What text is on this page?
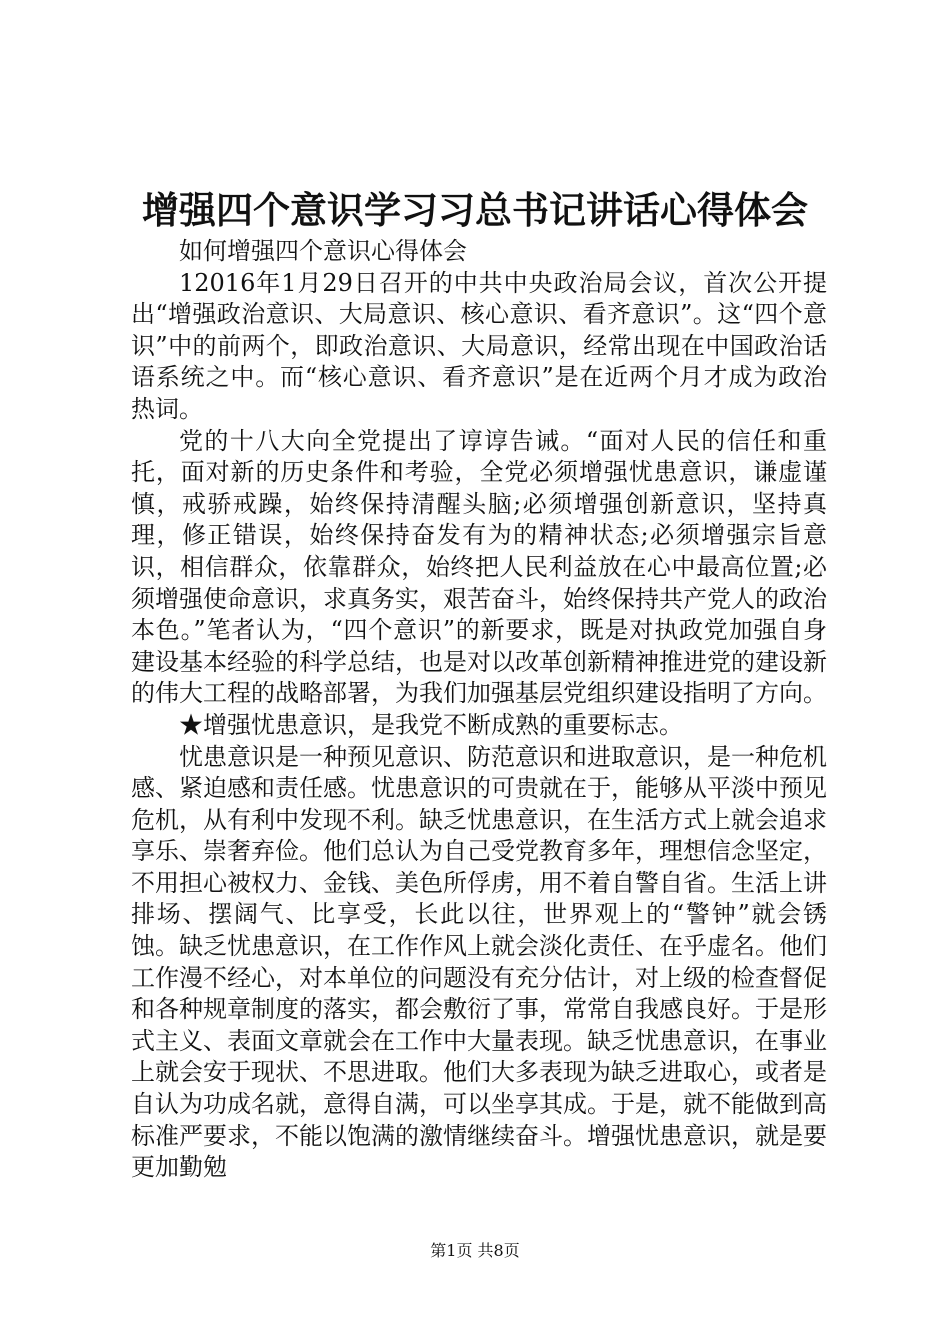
增强四个意识学习习总书记讲话心得体会

如何增强四个意识心得体会

12016年1月29日召开的中共中央政治局会议，首次公开提出“增强政治意识、大局意识、核心意识、看齐意识”。这“四个意识”中的前两个，即政治意识、大局意识，经常出现在中国政治话语系统之中。而“核心意识、看齐意识”是在近两个月才成为政治热词。

党的十八大向全党提出了谆谆告诫。“面对人民的信任和重托，面对新的历史条件和考验，全党必须增强忧患意识，谦虚谨慎，戒骄戒躁，始终保持清醒头脑;必须增强创新意识，坚持真理，修正错误，始终保持奋发有为的精神状态;必须增强宗旨意识，相信群众，依靠群众，始终把人民利益放在心中最高位置;必须增强使命意识，求真务实，艰苦奋斗，始终保持共产党人的政治本色。”笔者认为，“四个意识”的新要求，既是对执政党加强自身建设基本经验的科学总结，也是对以改革创新精神推进党的建设新的伟大工程的战略部署，为我们加强基层党组织建设指明了方向。

★增强忧患意识，是我党不断成熟的重要标志。

忧患意识是一种预见意识、防范意识和进取意识，是一种危机感、紧迫感和责任感。忧患意识的可贵就在于，能够从平淡中预见危机，从有利中发现不利。缺乏忧患意识，在生活方式上就会追求享乐、崇奢弃俭。他们总认为自己受党教育多年，理想信念坚定，不用担心被权力、金钱、美色所俘虏，用不着自警自省。生活上讲排场、摆阔气、比享受，长此以往，世界观上的“警钟”就会锈蚀。缺乏忧患意识，在工作作风上就会淡化责任、在乎虚名。他们工作漫不经心，对本单位的问题没有充分估计，对上级的检查督促和各种规章制度的落实，都会敷衍了事，常常自我感良好。于是形式主义、表面文章就会在工作中大量表现。缺乏忧患意识，在事业上就会安于现状、不思进取。他们大多表现为缺乏进取心，或者是自认为功成名就，意得自满，可以坐享其成。于是，就不能做到高标准严要求，不能以饱满的激情继续奋斗。增强忧患意识，就是要更加勤勉

第1页 共8页
